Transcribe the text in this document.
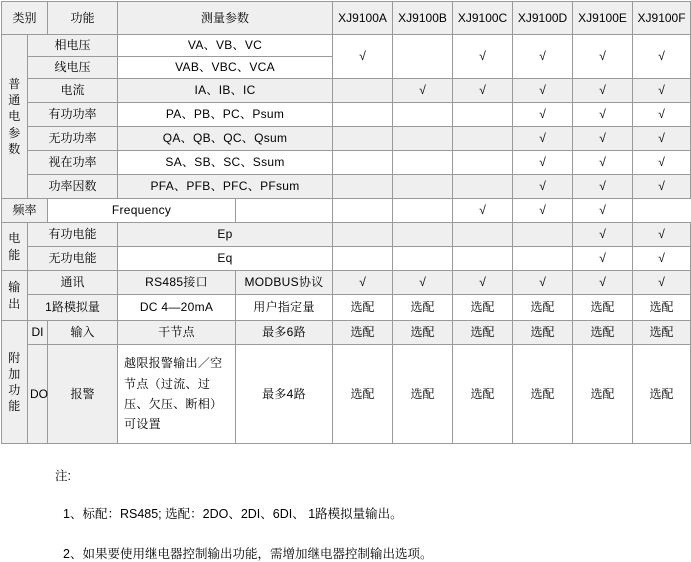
类别		功能	测量参数		XJ9100A	XJ9100B	XJ9100C	XJ9100D	XJ9100E	XJ9100F

普
通
电
参
数	相电压		VA、VB、VC		√		√	√	√	√
	线电压		VAB、VBC、VCA							
	电流		IA、IB、IC			√	√	√	√	√
	有功功率		PA、PB、PC、Psum					√	√	√
	无功功率		QA、QB、QC、Qsum					√	√	√
	视在功率		SA、SB、SC、Ssum					√	√	√
	功率因数		PFA、PFB、PFC、PFsum					√	√	√
频率		Frequency					√	√	√	

电
能	有功电能		Ep						√	√
	无功电能		Eq						√	√

输
出	通讯		RS485接口	MODBUS协议	√	√	√	√	√	√
	1路模拟量		DC 4—20mA	用户指定量	选配	选配	选配	选配	选配	选配

附
加
功
能	DI	输入	干节点	最多6路	选配	选配	选配	选配	选配	选配
	DO	报警	越限报警输出／空节点（过流、过压、欠压、断相）可设置	最多4路	选配	选配	选配	选配	选配	选配
注:
1、标配：RS485; 选配：2DO、2DI、6DI、 1路模拟量输出。
2、如果要使用继电器控制输出功能，需增加继电器控制输出选项。
